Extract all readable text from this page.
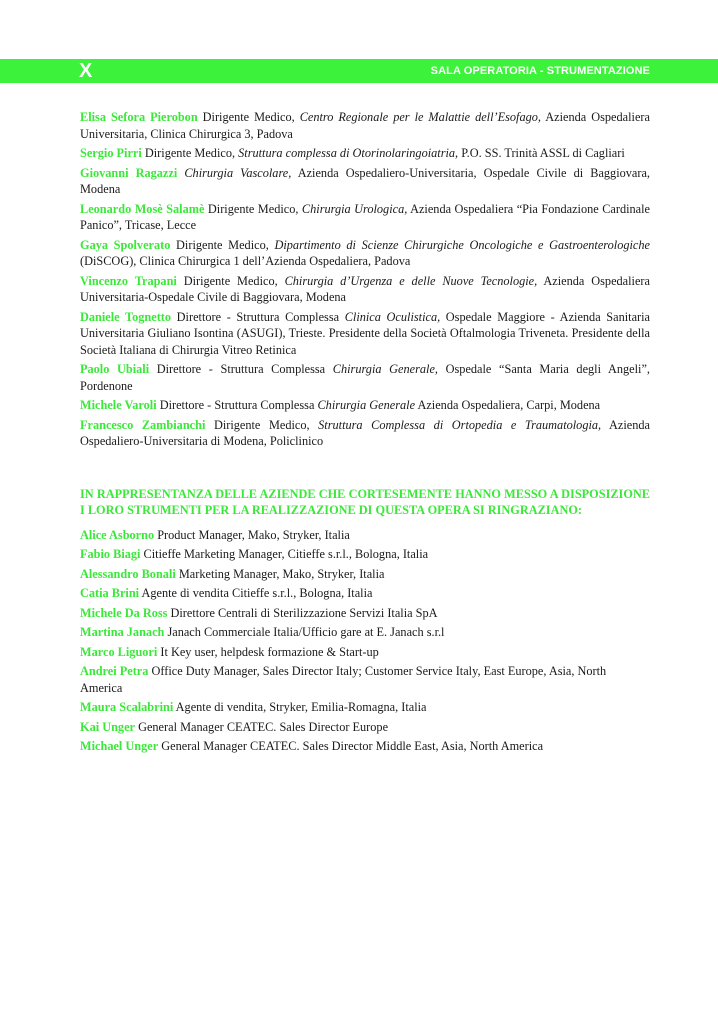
X	SALA OPERATORIA - STRUMENTAZIONE

Elisa Sefora Pierobon Dirigente Medico, Centro Regionale per le Malattie dell’Esofago, Azienda Ospedaliera Universitaria, Clinica Chirurgica 3, Padova

Sergio Pirri Dirigente Medico, Struttura complessa di Otorinolaringoiatria, P.O. SS. Trinità ASSL di Cagliari

Giovanni Ragazzi Chirurgia Vascolare, Azienda Ospedaliero-Universitaria, Ospedale Civile di Baggiovara, Modena

Leonardo Mosè Salamè Dirigente Medico, Chirurgia Urologica, Azienda Ospedaliera “Pia Fondazione Cardinale Panico”, Tricase, Lecce

Gaya Spolverato Dirigente Medico, Dipartimento di Scienze Chirurgiche Oncologiche e Gastroenterologiche (DiSCOG), Clinica Chirurgica 1 dell’Azienda Ospedaliera, Padova

Vincenzo Trapani Dirigente Medico, Chirurgia d’Urgenza e delle Nuove Tecnologie, Azienda Ospedaliera Universitaria-Ospedale Civile di Baggiovara, Modena

Daniele Tognetto Direttore - Struttura Complessa Clinica Oculistica, Ospedale Maggiore - Azienda Sanitaria Universitaria Giuliano Isontina (ASUGI), Trieste. Presidente della Società Oftalmologia Triveneta. Presidente della Società Italiana di Chirurgia Vitreo Retinica

Paolo Ubiali Direttore - Struttura Complessa Chirurgia Generale, Ospedale “Santa Maria degli Angeli”, Pordenone

Michele Varoli Direttore - Struttura Complessa Chirurgia Generale Azienda Ospedaliera, Carpi, Modena

Francesco Zambianchi Dirigente Medico, Struttura Complessa di Ortopedia e Traumatologia, Azienda Ospedaliero-Universitaria di Modena, Policlinico

IN RAPPRESENTANZA DELLE AZIENDE CHE CORTESEMENTE HANNO MESSO A DISPOSIZIONE I LORO STRUMENTI PER LA REALIZZAZIONE DI QUESTA OPERA SI RINGRAZIANO:

Alice Asborno Product Manager, Mako, Stryker, Italia

Fabio Biagi Citieffe Marketing Manager, Citieffe s.r.l., Bologna, Italia

Alessandro Bonali Marketing Manager, Mako, Stryker, Italia

Catia Brini Agente di vendita Citieffe s.r.l., Bologna, Italia

Michele Da Ross Direttore Centrali di Sterilizzazione Servizi Italia SpA

Martina Janach Janach Commerciale Italia/Ufficio gare at E. Janach s.r.l

Marco Liguori It Key user, helpdesk formazione & Start-up

Andrei Petra Office Duty Manager, Sales Director Italy; Customer Service Italy, East Europe, Asia, North America

Maura Scalabrini Agente di vendita, Stryker, Emilia-Romagna, Italia

Kai Unger General Manager CEATEC. Sales Director Europe

Michael Unger General Manager CEATEC. Sales Director Middle East, Asia, North America
